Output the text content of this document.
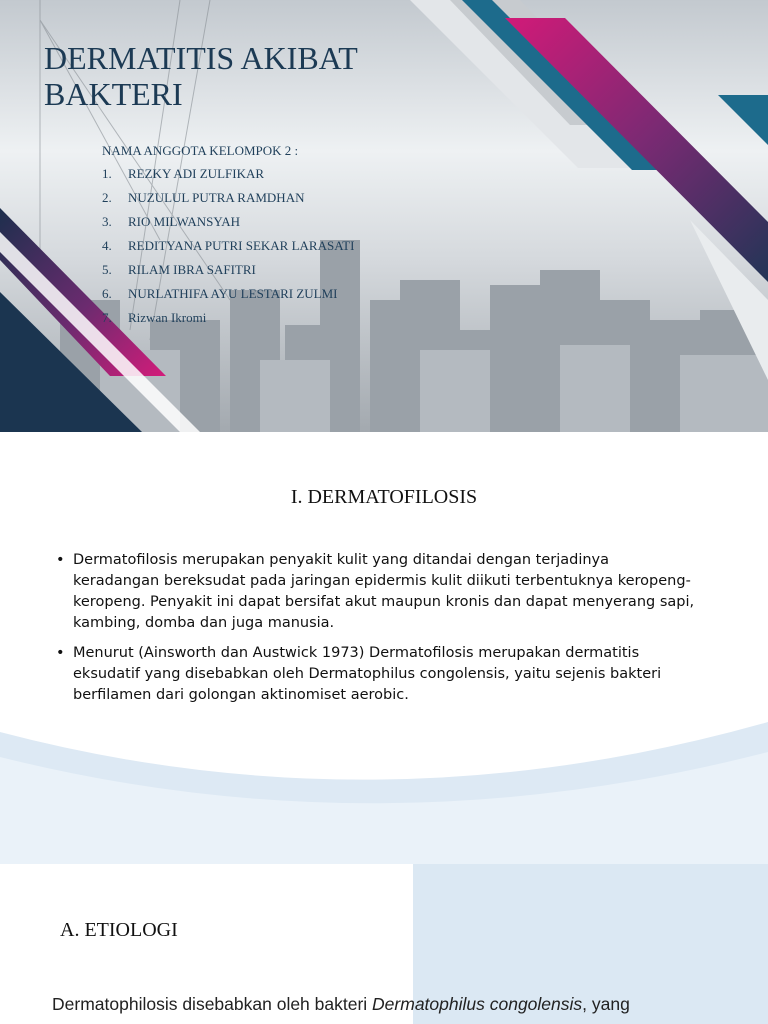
DERMATITIS AKIBAT BAKTERI
NAMA ANGGOTA KELOMPOK 2 :
1. REZKY ADI ZULFIKAR
2. NUZULUL PUTRA RAMDHAN
3. RIO MILWANSYAH
4. REDITYANA PUTRI SEKAR LARASATI
5. RILAM IBRA SAFITRI
6. NURLATHIFA AYU LESTARI ZULMI
7. Rizwan Ikromi
I. DERMATOFILOSIS
• Dermatofilosis merupakan penyakit kulit yang ditandai dengan terjadinya keradangan bereksudat pada jaringan epidermis kulit diikuti terbentuknya keropeng-keropeng. Penyakit ini dapat bersifat akut maupun kronis dan dapat menyerang sapi, kambing, domba dan juga manusia.
• Menurut (Ainsworth dan Austwick 1973) Dermatofilosis merupakan dermatitis eksudatif yang disebabkan oleh Dermatophilus congolensis, yaitu sejenis bakteri berfilamen dari golongan aktinomiset aerobic.
A. ETIOLOGI
Dermatophilosis disebabkan oleh bakteri Dermatophilus congolensis, yang
